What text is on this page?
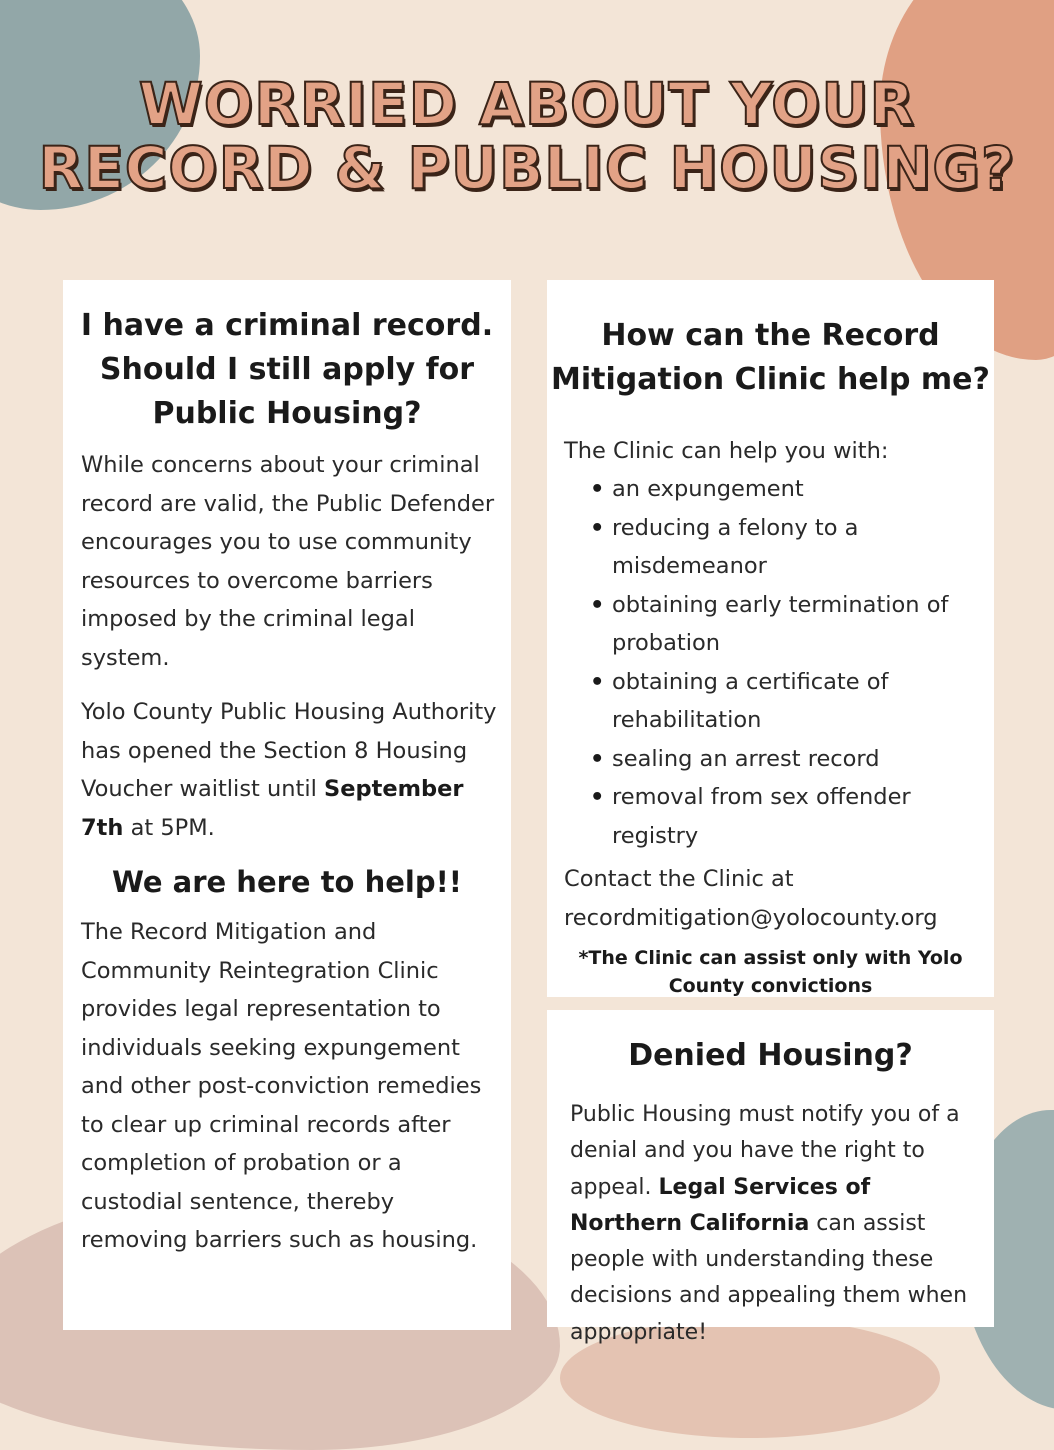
WORRIED ABOUT YOUR
RECORD & PUBLIC HOUSING?
I have a criminal record. Should I still apply for Public Housing?
While concerns about your criminal record are valid, the Public Defender encourages you to use community resources to overcome barriers imposed by the criminal legal system.
Yolo County Public Housing Authority has opened the Section 8 Housing Voucher waitlist until September 7th at 5PM.
We are here to help!!
The Record Mitigation and Community Reintegration Clinic provides legal representation to individuals seeking expungement and other post-conviction remedies to clear up criminal records after completion of probation or a custodial sentence, thereby removing barriers such as housing.
How can the Record Mitigation Clinic help me?
The Clinic can help you with:
• an expungement
• reducing a felony to a misdemeanor
• obtaining early termination of probation
• obtaining a certificate of rehabilitation
• sealing an arrest record
• removal from sex offender registry
Contact the Clinic at
recordmitigation@yolocounty.org
*The Clinic can assist only with Yolo County convictions
Denied Housing?
Public Housing must notify you of a denial and you have the right to appeal. Legal Services of Northern California can assist people with understanding these decisions and appealing them when appropriate!
